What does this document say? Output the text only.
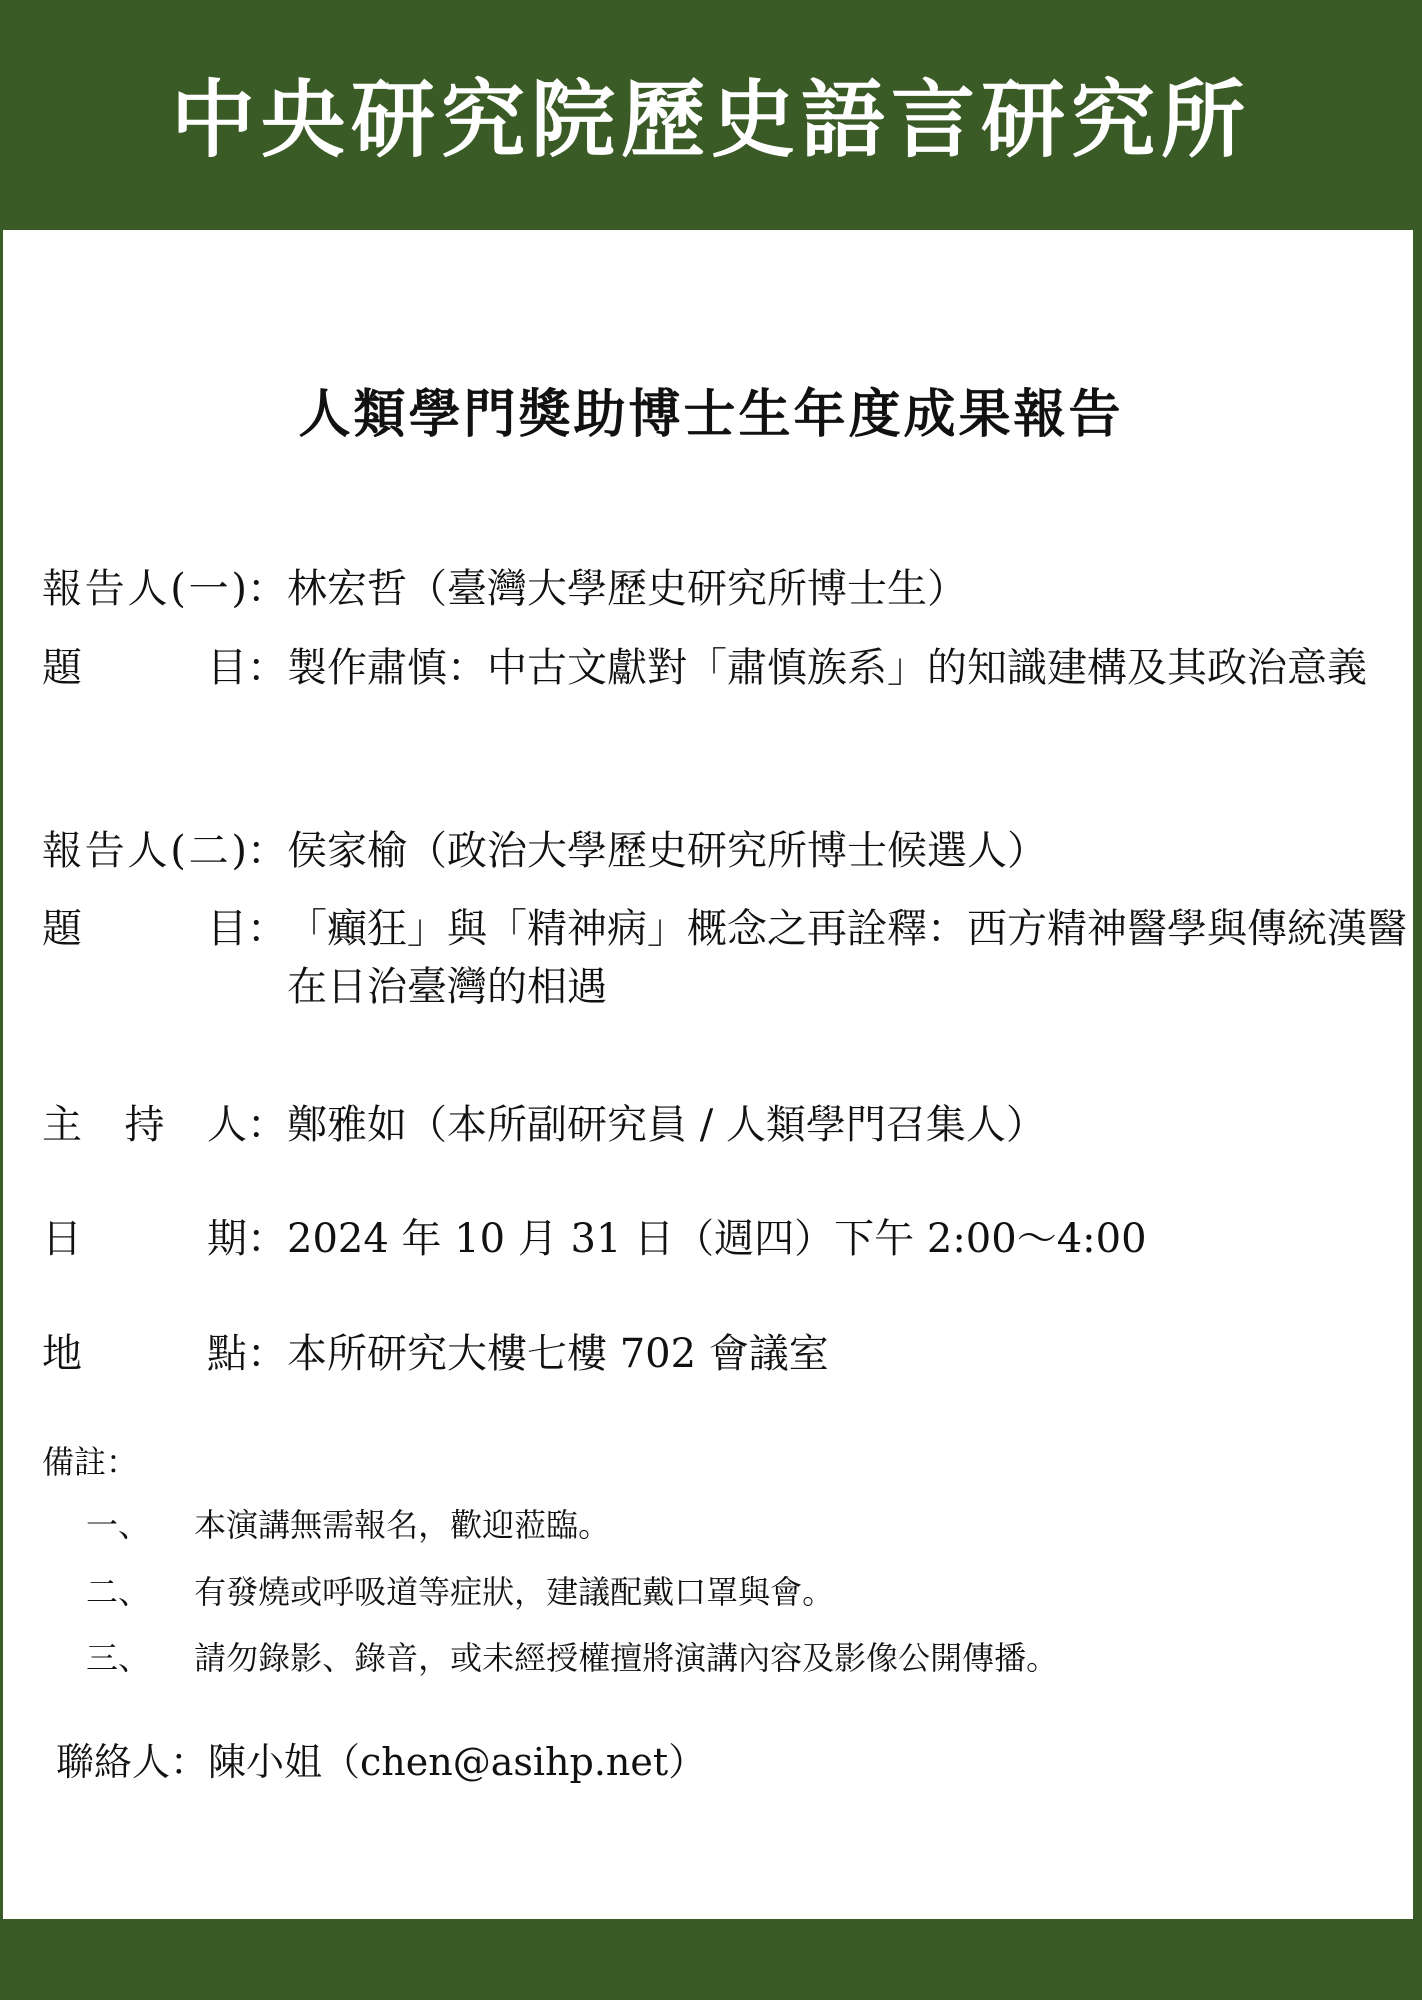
中央研究院歷史語言研究所
人類學門獎助博士生年度成果報告
報告人(一) ： 林宏哲（臺灣大學歷史研究所博士生）
題目 ： 製作肅慎：中古文獻對「肅慎族系」的知識建構及其政治意義
報告人(二) ： 侯家榆（政治大學歷史研究所博士候選人）
題目 ： 「癲狂」與「精神病」概念之再詮釋：西方精神醫學與傳統漢醫在日治臺灣的相遇
主持人 ： 鄭雅如（本所副研究員 / 人類學門召集人）
日期 ： 2024 年 10 月 31 日（週四）下午 2:00～4:00
地點 ： 本所研究大樓七樓 702 會議室
備註：
一、 本演講無需報名，歡迎蒞臨。
二、 有發燒或呼吸道等症狀，建議配戴口罩與會。
三、 請勿錄影、錄音，或未經授權擅將演講內容及影像公開傳播。
聯絡人：陳小姐（chen@asihp.net）
